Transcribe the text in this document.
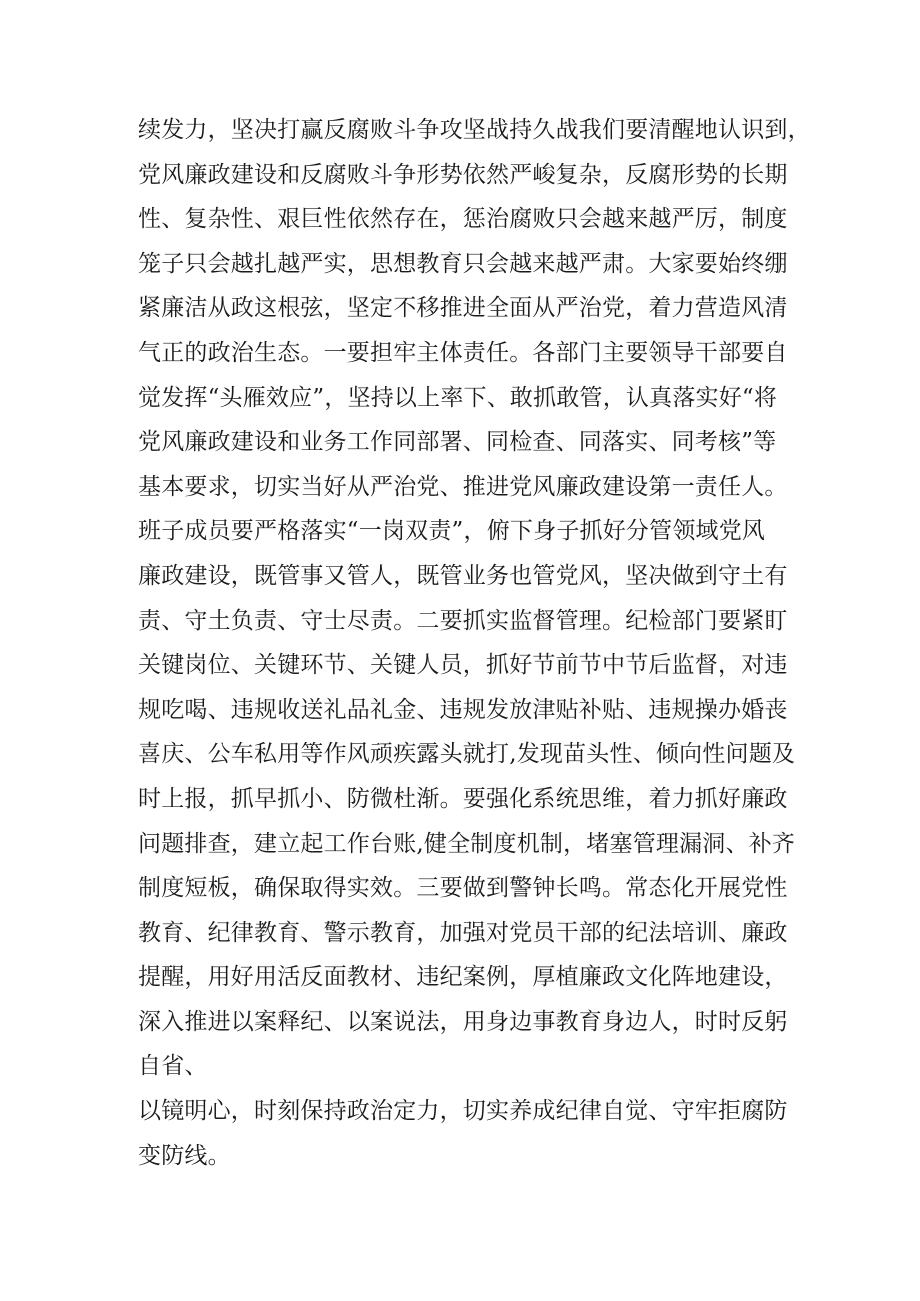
续发力，坚决打赢反腐败斗争攻坚战持久战我们要清醒地认识到，
党风廉政建设和反腐败斗争形势依然严峻复杂，反腐形势的长期
性、复杂性、艰巨性依然存在，惩治腐败只会越来越严厉，制度
笼子只会越扎越严实，思想教育只会越来越严肃。大家要始终绷
紧廉洁从政这根弦，坚定不移推进全面从严治党，着力营造风清
气正的政治生态。一要担牢主体责任。各部门主要领导干部要自
觉发挥“头雁效应”，坚持以上率下、敢抓敢管，认真落实好“将
党风廉政建设和业务工作同部署、同检查、同落实、同考核”等
基本要求，切实当好从严治党、推进党风廉政建设第一责任人。
班子成员要严格落实“一岗双责”，俯下身子抓好分管领域党风
廉政建设，既管事又管人，既管业务也管党风，坚决做到守土有
责、守土负责、守士尽责。二要抓实监督管理。纪检部门要紧盯
关键岗位、关键环节、关键人员，抓好节前节中节后监督，对违
规吃喝、违规收送礼品礼金、违规发放津贴补贴、违规操办婚丧
喜庆、公车私用等作风顽疾露头就打,发现苗头性、倾向性问题及
时上报，抓早抓小、防微杜渐。要强化系统思维，着力抓好廉政
问题排查，建立起工作台账,健全制度机制，堵塞管理漏洞、补齐
制度短板，确保取得实效。三要做到警钟长鸣。常态化开展党性
教育、纪律教育、警示教育，加强对党员干部的纪法培训、廉政
提醒，用好用活反面教材、违纪案例，厚植廉政文化阵地建设，
深入推进以案释纪、以案说法，用身边事教育身边人，时时反躬
自省、
以镜明心，时刻保持政治定力，切实养成纪律自觉、守牢拒腐防
变防线。
